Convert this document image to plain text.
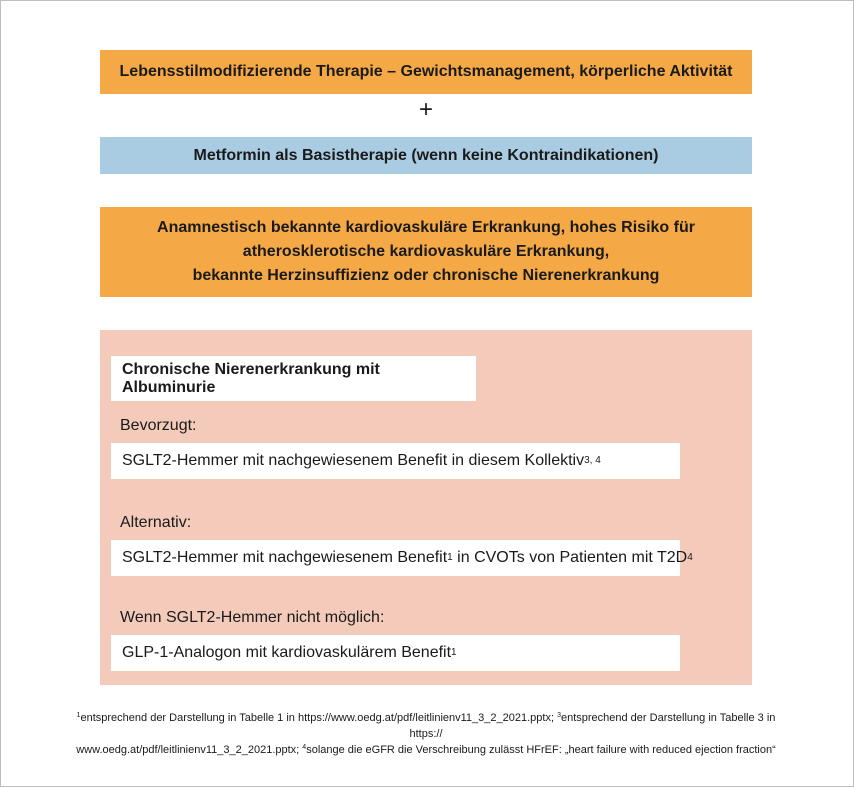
Lebensstilmodifizierende Therapie – Gewichtsmanagement, körperliche Aktivität
+
Metformin als Basistherapie (wenn keine Kontraindikationen)
Anamnestisch bekannte kardiovaskuläre Erkrankung, hohes Risiko für
atherosklerotische kardiovaskuläre Erkrankung,
bekannte Herzinsuffizienz oder chronische Nierenerkrankung
Chronische Nierenerkrankung mit Albuminurie
Bevorzugt:
SGLT2-Hemmer mit nachgewiesenem Benefit in diesem Kollektiv 3, 4
Alternativ:
SGLT2-Hemmer mit nachgewiesenem Benefit 1 in CVOTs von Patienten mit T2D 4
Wenn SGLT2-Hemmer nicht möglich:
GLP-1-Analogon mit kardiovaskulärem Benefit 1
$^1$entsprechend der Darstellung in Tabelle 1 in https://www.oedg.at/pdf/leitlinienv11_3_2_2021.pptx; $^3$entsprechend der Darstellung in Tabelle 3 in https://
www.oedg.at/pdf/leitlinienv11_3_2_2021.pptx; $^4$solange die eGFR die Verschreibung zulässt HFrEF: „heart failure with reduced ejection fraction“
